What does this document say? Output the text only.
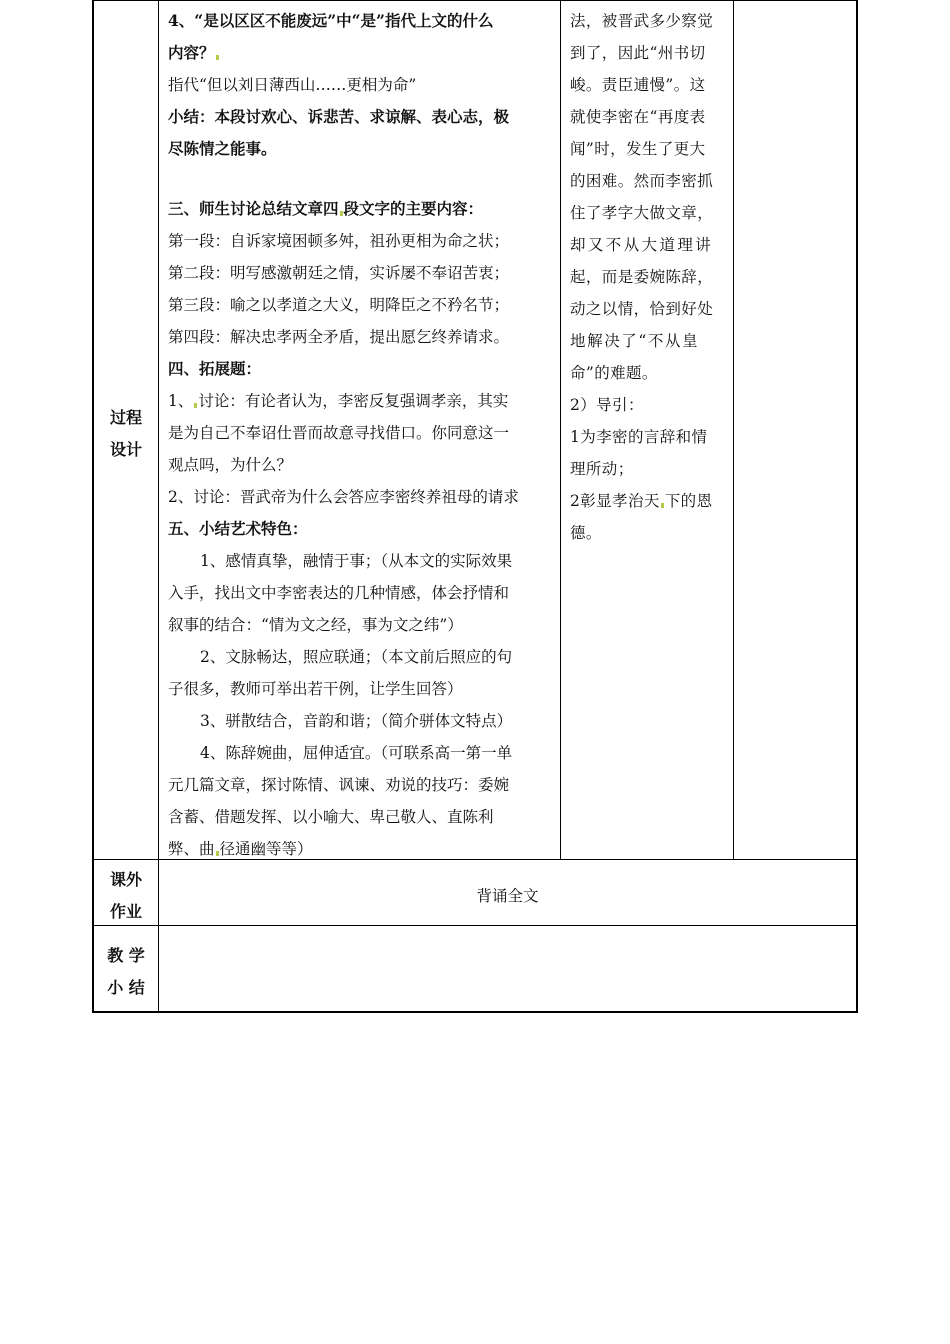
过程
设计
4、“是以区区不能废远”中“是”指代上文的什么
内容？
指代“但以刘日薄西山……更相为命”
小结：本段讨欢心、诉悲苦、求谅解、表心志，极
尽陈情之能事。
三、师生讨论总结文章四 段文字的主要内容：
第一段：自诉家境困顿多舛，祖孙更相为命之状；
第二段：明写感激朝廷之情，实诉屡不奉诏苦衷；
第三段：喻之以孝道之大义，明降臣之不矜名节；
第四段：解决忠孝两全矛盾，提出愿乞终养请求。
四、拓展题：
1、 讨论：有论者认为，李密反复强调孝亲，其实
是为自己不奉诏仕晋而故意寻找借口。你同意这一
观点吗，为什么？
2、讨论：晋武帝为什么会答应李密终养祖母的请求
五、小结艺术特色：
1、感情真挚，融情于事；（从本文的实际效果
入手，找出文中李密表达的几种情感，体会抒情和
叙事的结合：“情为文之经，事为文之纬”）
2、文脉畅达，照应联通；（本文前后照应的句
子很多，教师可举出若干例，让学生回答）
3、骈散结合，音韵和谐；（简介骈体文特点）
4、陈辞婉曲，屈伸适宜。（可联系高一第一单
元几篇文章，探讨陈情、讽谏、劝说的技巧：委婉
含蓄、借题发挥、以小喻大、卑己敬人、直陈利
弊、曲 径通幽等等）
法，被晋武多少察觉
到了，因此“州书切
峻。责臣逋慢”。这
就使李密在“再度表
闻”时，发生了更大
的困难。然而李密抓
住了孝字大做文章，
却又不从大道理讲
起，而是委婉陈辞，
动之以情，恰到好处
地解决了“不从皇
命”的难题。
2）导引：
1为李密的言辞和情
理所动；
2彰显孝治天 下的恩
德。
课外
作业
背诵全文
教 学
小 结
